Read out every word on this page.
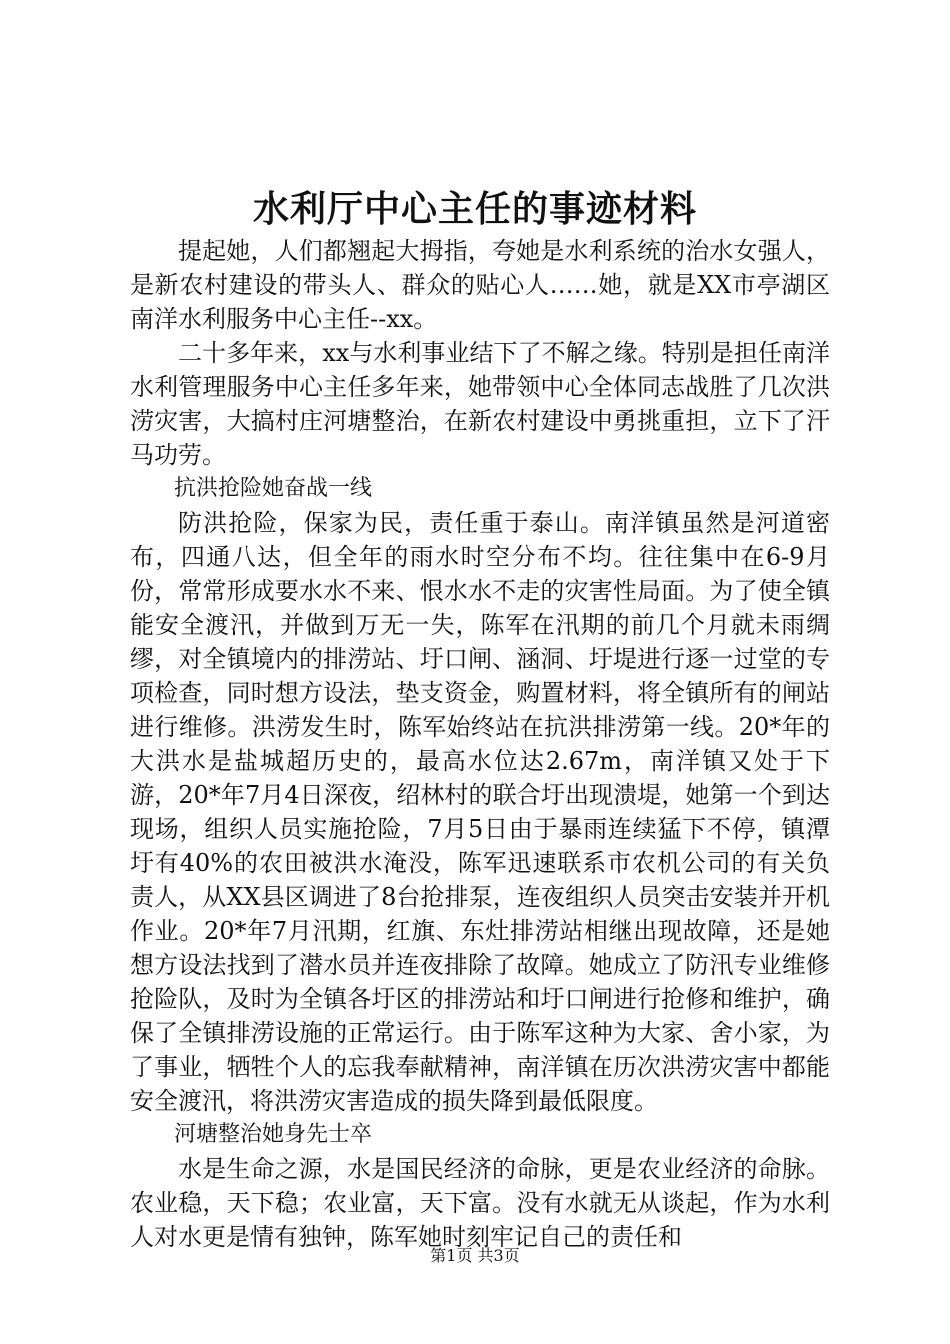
水利厅中心主任的事迹材料

提起她，人们都翘起大拇指，夸她是水利系统的治水女强人，是新农村建设的带头人、群众的贴心人……她，就是XX市亭湖区南洋水利服务中心主任--xx。

二十多年来，xx与水利事业结下了不解之缘。特别是担任南洋水利管理服务中心主任多年来，她带领中心全体同志战胜了几次洪涝灾害，大搞村庄河塘整治，在新农村建设中勇挑重担，立下了汗马功劳。

抗洪抢险她奋战一线

防洪抢险，保家为民，责任重于泰山。南洋镇虽然是河道密布，四通八达，但全年的雨水时空分布不均。往往集中在6-9月份，常常形成要水水不来、恨水水不走的灾害性局面。为了使全镇能安全渡汛，并做到万无一失，陈军在汛期的前几个月就未雨绸缪，对全镇境内的排涝站、圩口闸、涵洞、圩堤进行逐一过堂的专项检查，同时想方设法，垫支资金，购置材料，将全镇所有的闸站进行维修。洪涝发生时，陈军始终站在抗洪排涝第一线。20*年的大洪水是盐城超历史的，最高水位达2.67m，南洋镇又处于下游，20*年7月4日深夜，绍林村的联合圩出现溃堤，她第一个到达现场，组织人员实施抢险，7月5日由于暴雨连续猛下不停，镇潭圩有40%的农田被洪水淹没，陈军迅速联系市农机公司的有关负责人，从XX县区调进了8台抢排泵，连夜组织人员突击安装并开机作业。20*年7月汛期，红旗、东灶排涝站相继出现故障，还是她想方设法找到了潜水员并连夜排除了故障。她成立了防汛专业维修抢险队，及时为全镇各圩区的排涝站和圩口闸进行抢修和维护，确保了全镇排涝设施的正常运行。由于陈军这种为大家、舍小家，为了事业，牺牲个人的忘我奉献精神，南洋镇在历次洪涝灾害中都能安全渡汛，将洪涝灾害造成的损失降到最低限度。

河塘整治她身先士卒

水是生命之源，水是国民经济的命脉，更是农业经济的命脉。农业稳，天下稳；农业富，天下富。没有水就无从谈起，作为水利人对水更是情有独钟，陈军她时刻牢记自己的责任和

第1页 共3页
